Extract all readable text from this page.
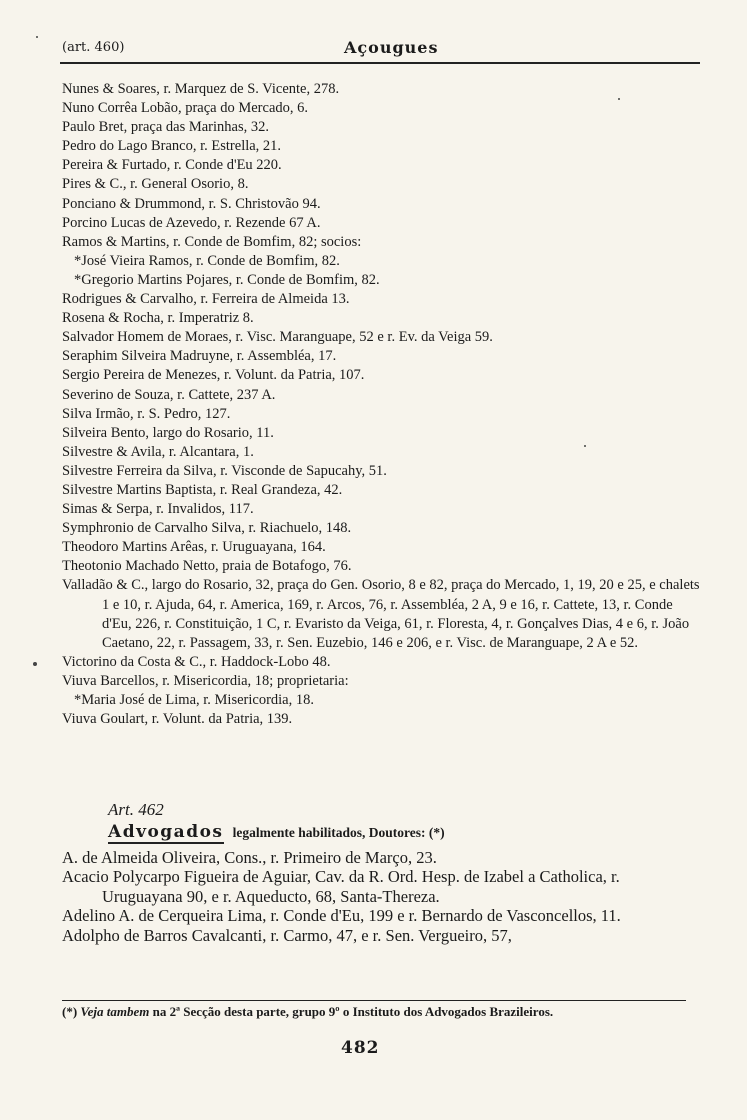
(art. 460)	Açougues
Nunes & Soares, r. Marquez de S. Vicente, 278.
Nuno Corrêa Lobão, praça do Mercado, 6.
Paulo Bret, praça das Marinhas, 32.
Pedro do Lago Branco, r. Estrella, 21.
Pereira & Furtado, r. Conde d'Eu 220.
Pires & C., r. General Osorio, 8.
Ponciano & Drummond, r. S. Christovão 94.
Porcino Lucas de Azevedo, r. Rezende 67 A.
Ramos & Martins, r. Conde de Bomfim, 82; socios:
*José Vieira Ramos, r. Conde de Bomfim, 82.
*Gregorio Martins Pojares, r. Conde de Bomfim, 82.
Rodrigues & Carvalho, r. Ferreira de Almeida 13.
Rosena & Rocha, r. Imperatriz 8.
Salvador Homem de Moraes, r. Visc. Maranguape, 52 e r. Ev. da Veiga 59.
Seraphim Silveira Madruyne, r. Assembléa, 17.
Sergio Pereira de Menezes, r. Volunt. da Patria, 107.
Severino de Souza, r. Cattete, 237 A.
Silva Irmão, r. S. Pedro, 127.
Silveira Bento, largo do Rosario, 11.
Silvestre & Avila, r. Alcantara, 1.
Silvestre Ferreira da Silva, r. Visconde de Sapucahy, 51.
Silvestre Martins Baptista, r. Real Grandeza, 42.
Simas & Serpa, r. Invalidos, 117.
Symphronio de Carvalho Silva, r. Riachuelo, 148.
Theodoro Martins Arêas, r. Uruguayana, 164.
Theotonio Machado Netto, praia de Botafogo, 76.
Valladão & C., largo do Rosario, 32, praça do Gen. Osorio, 8 e 82, praça do Mercado, 1, 19, 20 e 25, e chalets 1 e 10, r. Ajuda, 64, r. America, 169, r. Arcos, 76, r. Assembléa, 2 A, 9 e 16, r. Cattete, 13, r. Conde d'Eu, 226, r. Constituição, 1 C, r. Evaristo da Veiga, 61, r. Floresta, 4, r. Gonçalves Dias, 4 e 6, r. João Caetano, 22, r. Passagem, 33, r. Sen. Euzebio, 146 e 206, e r. Visc. de Maranguape, 2 A e 52.
Victorino da Costa & C., r. Haddock-Lobo 48.
Viuva Barcellos, r. Misericordia, 18; proprietaria:
*Maria José de Lima, r. Misericordia, 18.
Viuva Goulart, r. Volunt. da Patria, 139.
Art. 462
Advogados legalmente habilitados, Doutores: (*)
A. de Almeida Oliveira, Cons., r. Primeiro de Março, 23.
Acacio Polycarpo Figueira de Aguiar, Cav. da R. Ord. Hesp. de Izabel a Catholica, r. Uruguayana 90, e r. Aqueducto, 68, Santa-Thereza.
Adelino A. de Cerqueira Lima, r. Conde d'Eu, 199 e r. Bernardo de Vasconcellos, 11.
Adolpho de Barros Cavalcanti, r. Carmo, 47, e r. Sen. Vergueiro, 57,
(*) Veja tambem na 2ª Secção desta parte, grupo 9º o Instituto dos Advogados Brazileiros.
482
